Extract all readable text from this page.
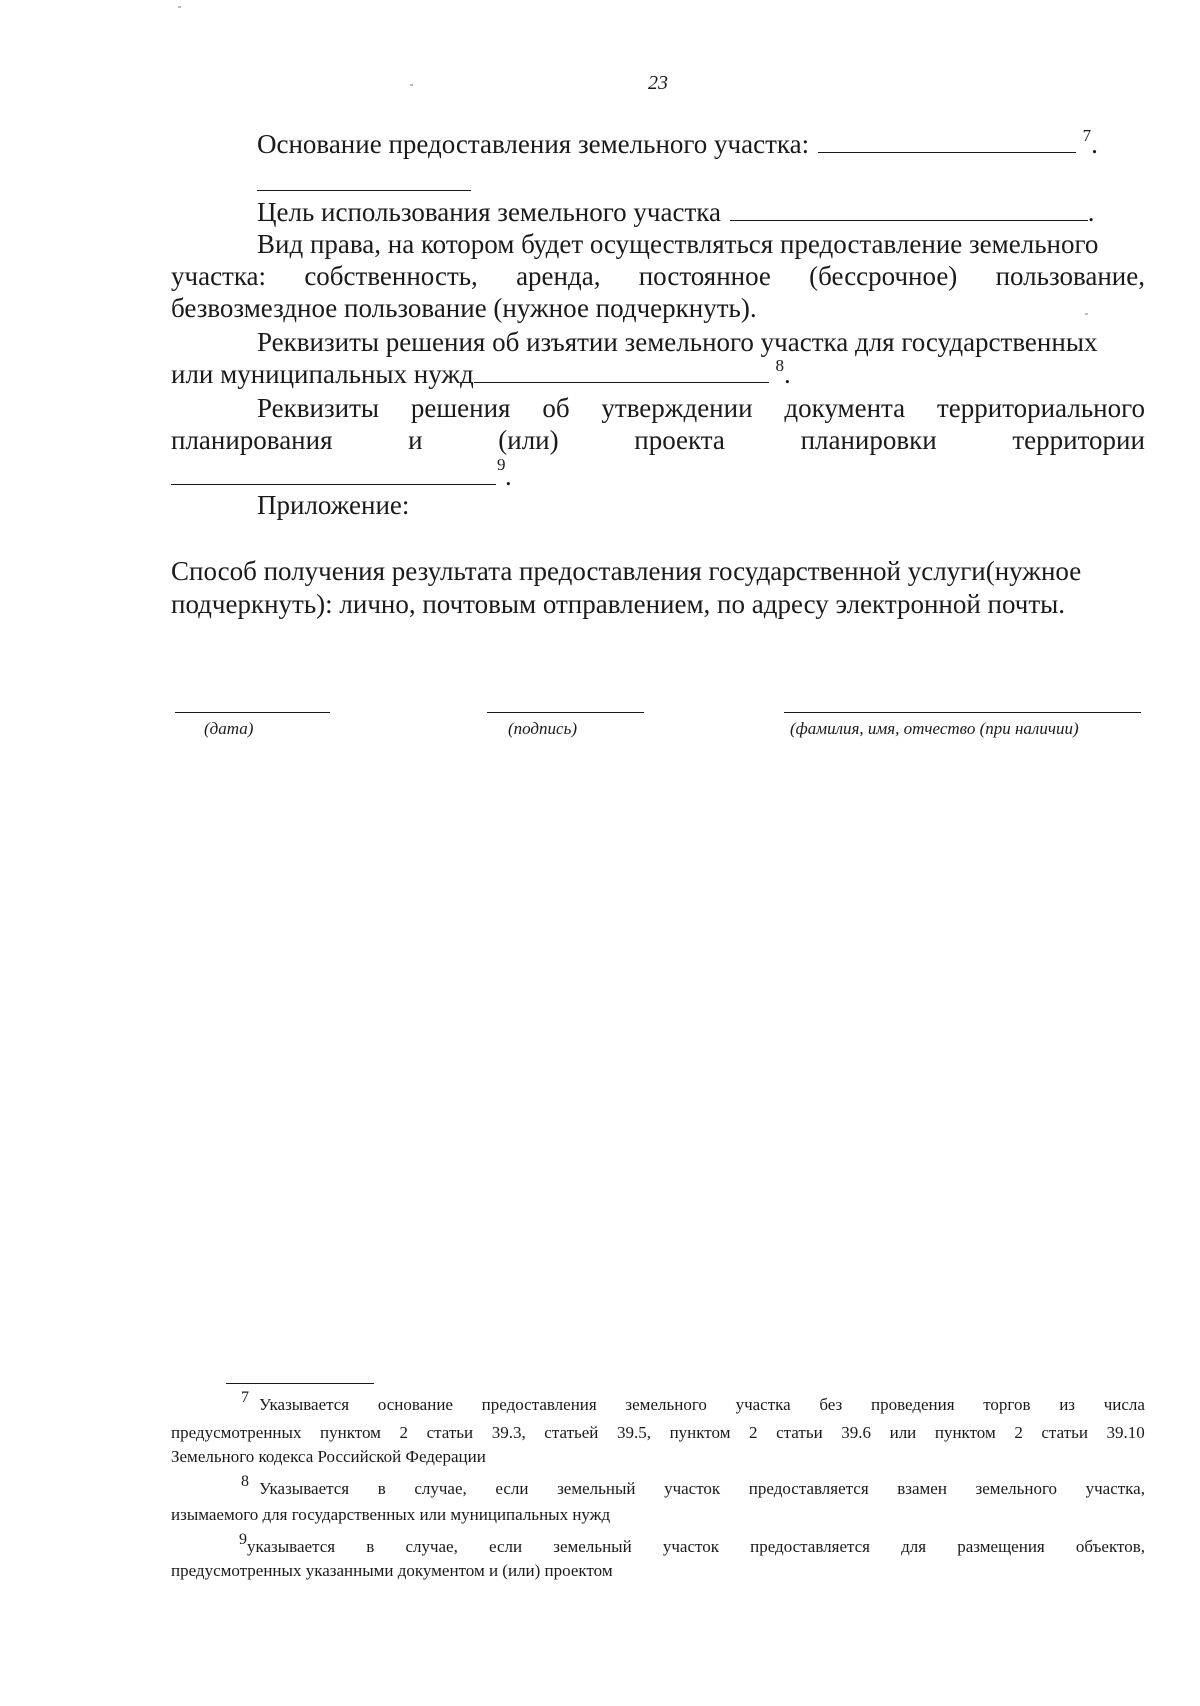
23
Основание предоставления земельного участка:	$^7$.
Цель использования земельного участка	.
Вид права, на котором будет осуществляться предоставление земельного
участка: собственность, аренда, постоянное (бессрочное) пользование,
безвозмездное пользование (нужное подчеркнуть).
Реквизиты решения об изъятии земельного участка для государственных
или муниципальных нужд	$^8$.
Реквизиты решения об утверждении документа территориального
планирования	и	(или)	проекта	планировки	территории
9 .
Приложение:
Способ получения результата предоставления государственной услуги(нужное
подчеркнуть): лично, почтовым отправлением, по адресу электронной почты.
(дата)	(подпись)	(фамилия, имя, отчество (при наличии)
7 Указывается основание предоставления земельного участка без проведения торгов из числа
предусмотренных пунктом 2 статьи 39.3, статьей 39.5, пунктом 2 статьи 39.6 или пунктом 2 статьи 39.10
Земельного кодекса Российской Федерации
8 Указывается в случае, если земельный участок предоставляется взамен земельного участка,
изымаемого для государственных или муниципальных нужд
9 указывается в случае, если земельный участок предоставляется для размещения объектов,
предусмотренных указанными документом и (или) проектом
